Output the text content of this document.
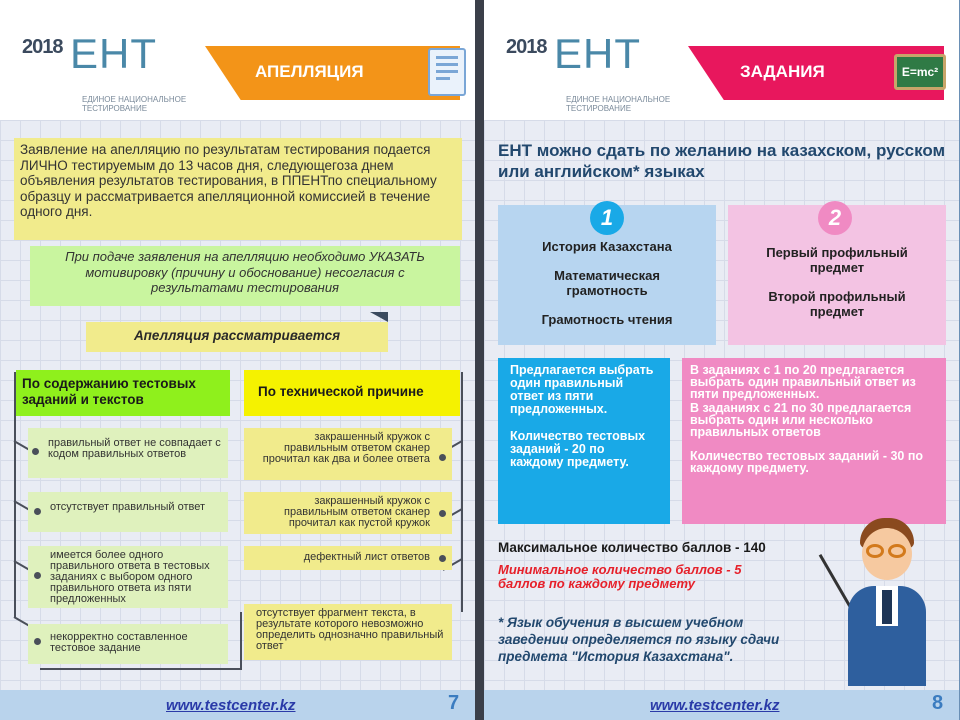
2018 ЕНТ
ЕДИНОЕ НАЦИОНАЛЬНОЕ
ТЕСТИРОВАНИЕ
АПЕЛЛЯЦИЯ
Заявление на апелляцию по результатам тестирования подается ЛИЧНО тестируемым до 13 часов дня, следующегоза днем объявления результатов тестирования, в ППЕНТпо специальному образцу и рассматривается апелляционной комиссией в течение одного дня.
При подаче заявления на апелляцию необходимо УКАЗАТЬ мотивировку (причину и обоснование) несогласия с результатами тестирования
Апелляция рассматривается
По содержанию тестовых заданий и текстов
По технической причине
правильный ответ не совпадает с кодом правильных ответов
отсутствует правильный ответ
имеется более одного правильного ответа в тестовых заданиях с выбором одного правильного ответа из пяти предложенных
некорректно составленное тестовое задание
закрашенный кружок с правильным ответом сканер прочитал как два и более ответа
закрашенный кружок с правильным ответом сканер прочитал как пустой кружок
дефектный лист ответов
отсутствует фрагмент текста, в результате которого невозможно определить однозначно правильный ответ
www.testcenter.kz	7
2018 ЕНТ
ЕДИНОЕ НАЦИОНАЛЬНОЕ
ТЕСТИРОВАНИЕ
ЗАДАНИЯ	E=mc²
ЕНТ можно сдать по желанию на казахском, русском или английском* языках
1
История Казахстана
Математическая грамотность
Грамотность чтения
2
Первый профильный предмет
Второй профильный предмет
Предлагается выбрать один правильный ответ из пяти предложенных.
Количество тестовых заданий - 20 по каждому предмету.
В заданиях с 1 по 20 предлагается выбрать один правильный ответ из пяти предложенных.
В заданиях с 21 по 30 предлагается выбрать один или несколько правильных ответов
Количество тестовых заданий - 30 по каждому предмету.
Максимальное количество баллов - 140
Минимальное количество баллов - 5 баллов по каждому предмету
* Язык обучения в высшем учебном заведении определяется по языку сдачи предмета "История Казахстана".
www.testcenter.kz	8
